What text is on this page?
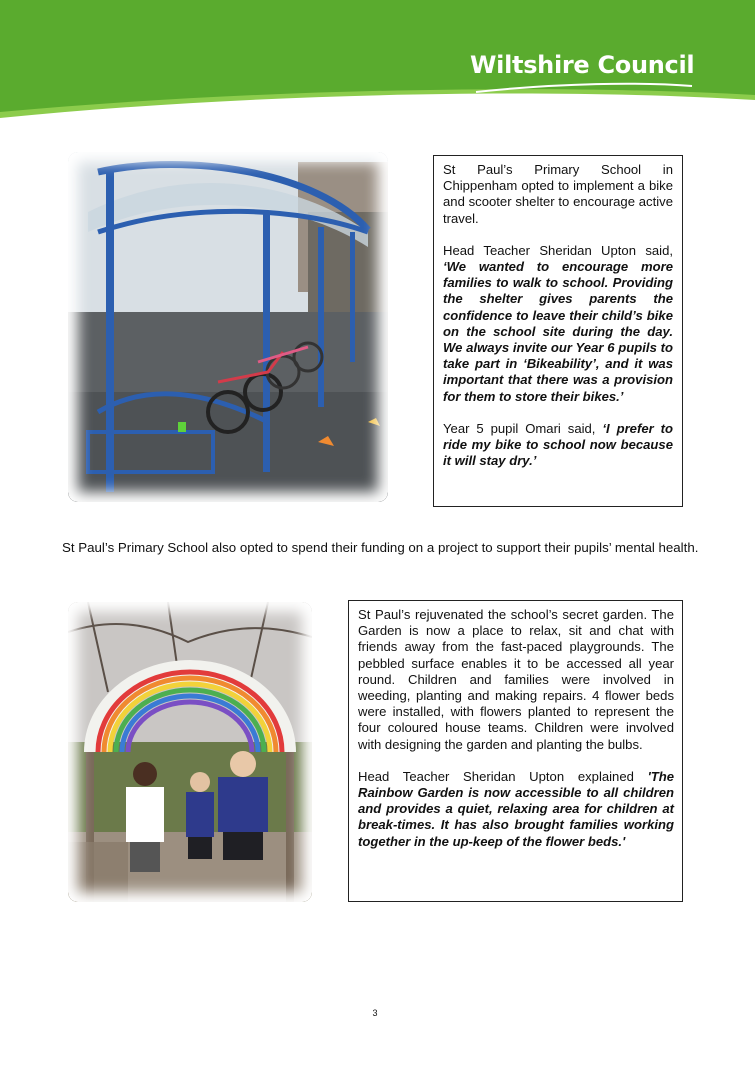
Wiltshire Council

St Paul’s Primary School in Chippenham opted to implement a bike and scooter shelter to encourage active travel.

Head Teacher Sheridan Upton said, ‘We wanted to encourage more families to walk to school. Providing the shelter gives parents the confidence to leave their child’s bike on the school site during the day. We always invite our Year 6 pupils to take part in ‘Bikeability’, and it was important that there was a provision for them to store their bikes.’

Year 5 pupil Omari said, ‘I prefer to ride my bike to school now because it will stay dry.’

St Paul’s Primary School also opted to spend their funding on a project to support their pupils’ mental health.

St Paul’s rejuvenated the school’s secret garden. The Garden is now a place to relax, sit and chat with friends away from the fast-paced playgrounds. The pebbled surface enables it to be accessed all year round. Children and families were involved in weeding, planting and making repairs. 4 flower beds were installed, with flowers planted to represent the four coloured house teams. Children were involved with designing the garden and planting the bulbs.

Head Teacher Sheridan Upton explained 'The Rainbow Garden is now accessible to all children and provides a quiet, relaxing area for children at break-times. It has also brought families working together in the up-keep of the flower beds.'

3
